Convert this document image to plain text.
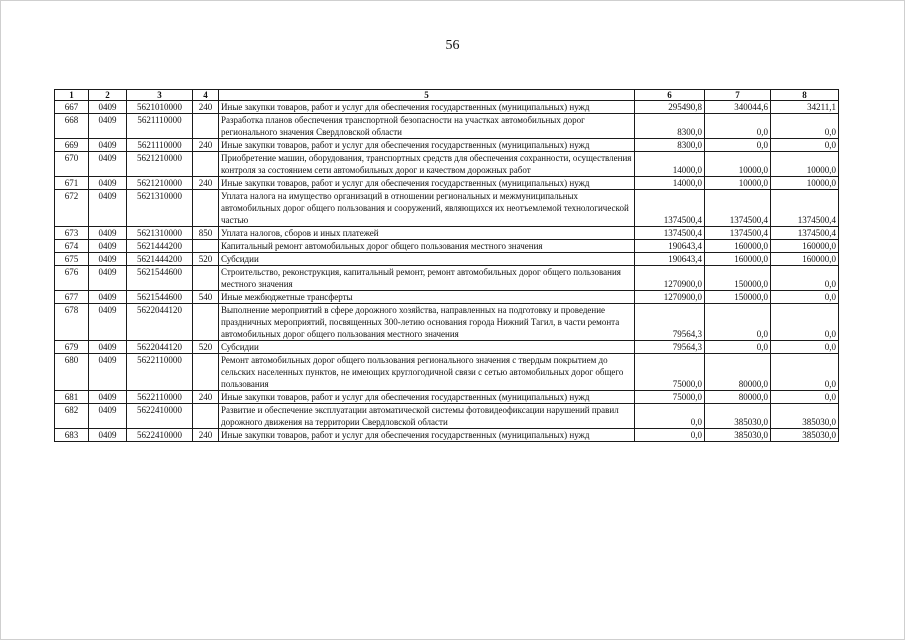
56
1	2	3	4	5	6	7	8
667	0409	5621010000	240	Иные закупки товаров, работ и услуг для обеспечения государственных (муниципальных) нужд	295490,8	340044,6	34211,1
668	0409	5621110000		Разработка планов обеспечения транспортной безопасности на участках автомобильных дорог регионального значения Свердловской области	8300,0	0,0	0,0
669	0409	5621110000	240	Иные закупки товаров, работ и услуг для обеспечения государственных (муниципальных) нужд	8300,0	0,0	0,0
670	0409	5621210000		Приобретение машин, оборудования, транспортных средств для обеспечения сохранности, осуществления контроля за состоянием сети автомобильных дорог и качеством дорожных работ	14000,0	10000,0	10000,0
671	0409	5621210000	240	Иные закупки товаров, работ и услуг для обеспечения государственных (муниципальных) нужд	14000,0	10000,0	10000,0
672	0409	5621310000		Уплата налога на имущество организаций в отношении региональных и межмуниципальных автомобильных дорог общего пользования и сооружений, являющихся их неотъемлемой технологической частью	1374500,4	1374500,4	1374500,4
673	0409	5621310000	850	Уплата налогов, сборов и иных платежей	1374500,4	1374500,4	1374500,4
674	0409	5621444200		Капитальный ремонт автомобильных дорог общего пользования местного значения	190643,4	160000,0	160000,0
675	0409	5621444200	520	Субсидии	190643,4	160000,0	160000,0
676	0409	5621544600		Строительство, реконструкция, капитальный ремонт, ремонт автомобильных дорог общего пользования местного значения	1270900,0	150000,0	0,0
677	0409	5621544600	540	Иные межбюджетные трансферты	1270900,0	150000,0	0,0
678	0409	5622044120		Выполнение мероприятий в сфере дорожного хозяйства, направленных на подготовку и проведение праздничных мероприятий, посвященных 300-летию основания города Нижний Тагил, в части ремонта автомобильных дорог общего пользования местного значения	79564,3	0,0	0,0
679	0409	5622044120	520	Субсидии	79564,3	0,0	0,0
680	0409	5622110000		Ремонт автомобильных дорог общего пользования регионального значения с твердым покрытием до сельских населенных пунктов, не имеющих круглогодичной связи с сетью автомобильных дорог общего пользования	75000,0	80000,0	0,0
681	0409	5622110000	240	Иные закупки товаров, работ и услуг для обеспечения государственных (муниципальных) нужд	75000,0	80000,0	0,0
682	0409	5622410000		Развитие и обеспечение эксплуатации автоматической системы фотовидеофиксации нарушений правил дорожного движения на территории Свердловской области	0,0	385030,0	385030,0
683	0409	5622410000	240	Иные закупки товаров, работ и услуг для обеспечения государственных (муниципальных) нужд	0,0	385030,0	385030,0
